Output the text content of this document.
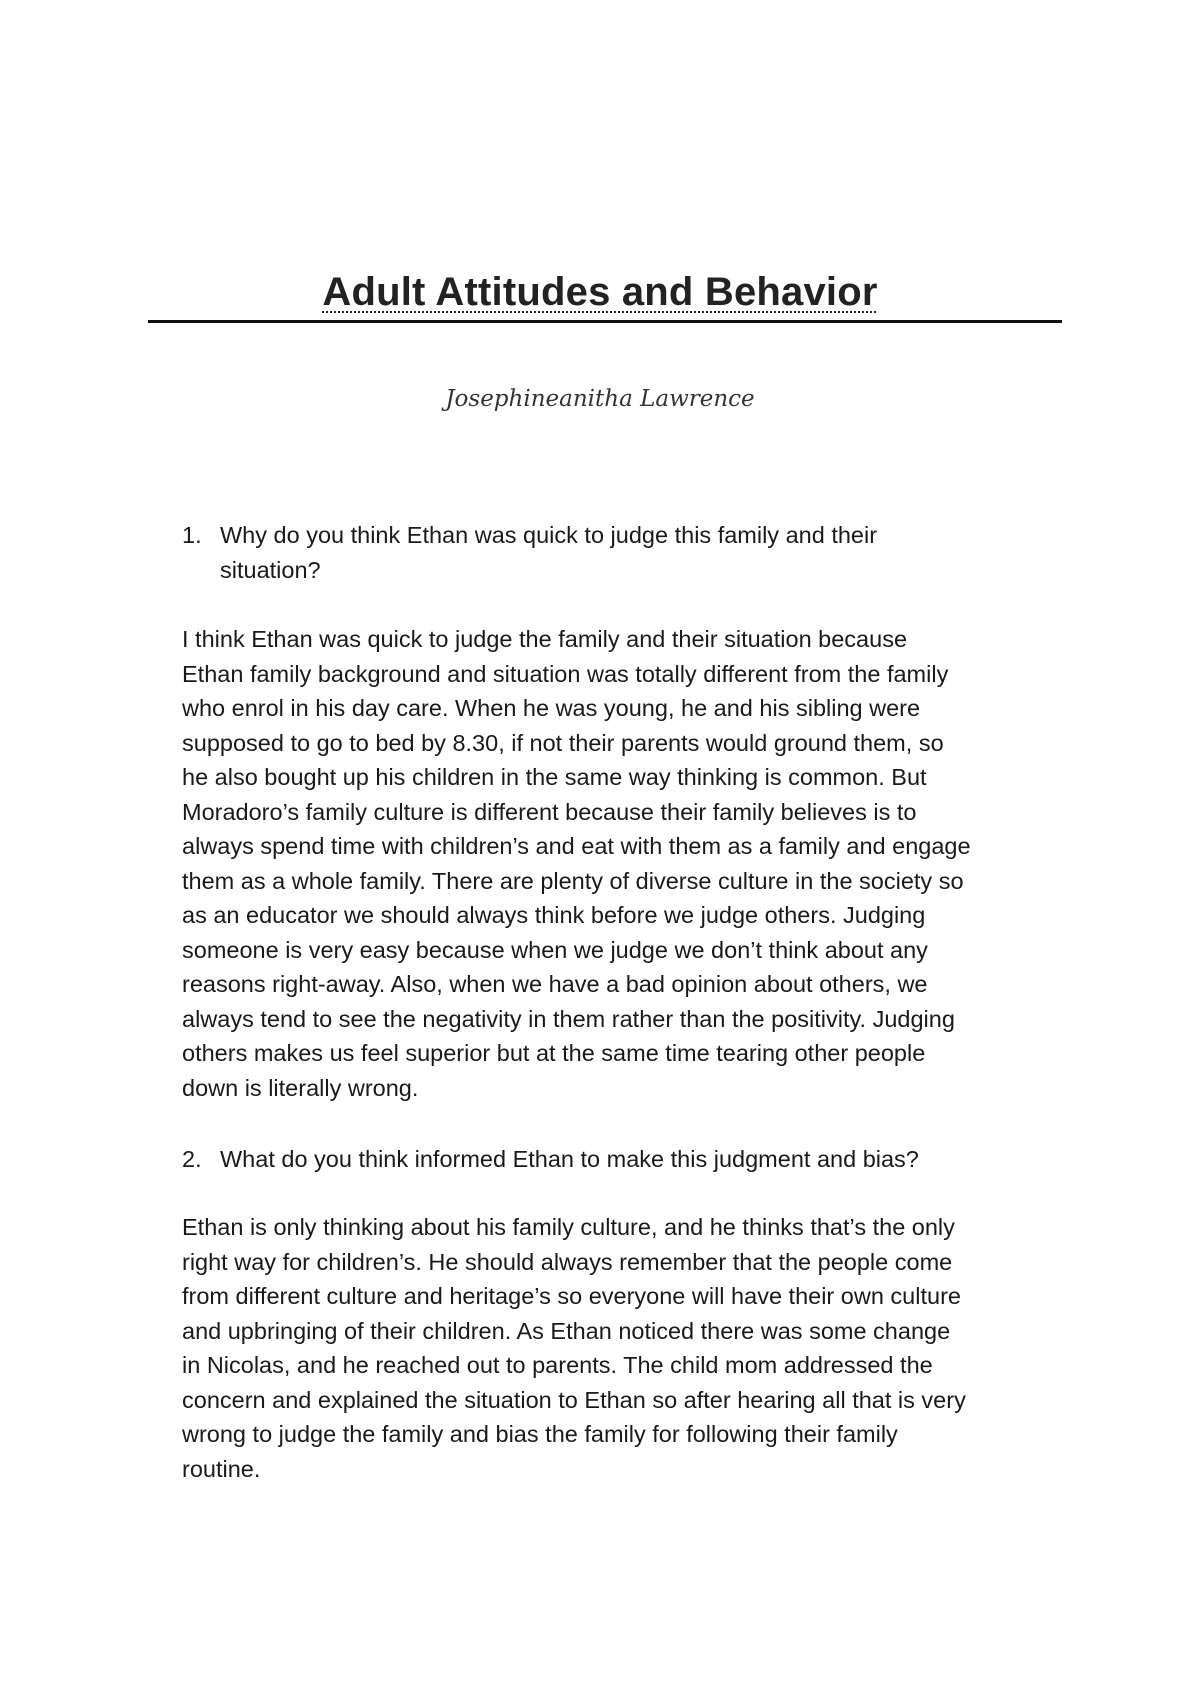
Adult Attitudes and Behavior
Josephineanitha Lawrence
1. Why do you think Ethan was quick to judge this family and their
situation?
I think Ethan was quick to judge the family and their situation because
Ethan family background and situation was totally different from the family
who enrol in his day care. When he was young, he and his sibling were
supposed to go to bed by 8.30, if not their parents would ground them, so
he also bought up his children in the same way thinking is common. But
Moradoro’s family culture is different because their family believes is to
always spend time with children’s and eat with them as a family and engage
them as a whole family. There are plenty of diverse culture in the society so
as an educator we should always think before we judge others. Judging
someone is very easy because when we judge we don’t think about any
reasons right-away. Also, when we have a bad opinion about others, we
always tend to see the negativity in them rather than the positivity. Judging
others makes us feel superior but at the same time tearing other people
down is literally wrong.
2. What do you think informed Ethan to make this judgment and bias?
Ethan is only thinking about his family culture, and he thinks that’s the only
right way for children’s. He should always remember that the people come
from different culture and heritage’s so everyone will have their own culture
and upbringing of their children. As Ethan noticed there was some change
in Nicolas, and he reached out to parents. The child mom addressed the
concern and explained the situation to Ethan so after hearing all that is very
wrong to judge the family and bias the family for following their family
routine.
